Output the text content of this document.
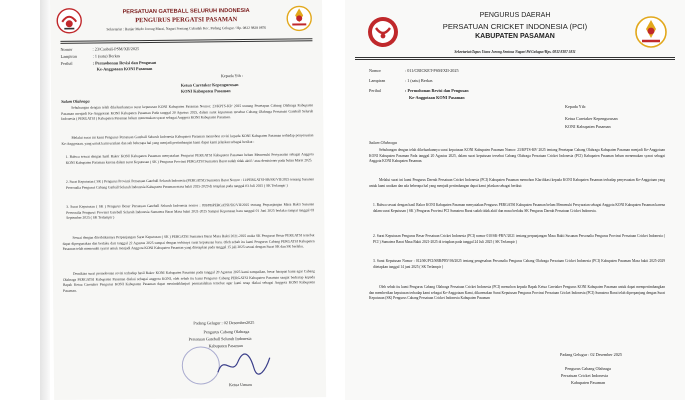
PERSATUAN GATEBALL SELURUH INDONESIA
PENGURUS PERGATSI PASAMAN
Sekretariat : Banjar Mudo Jorong Marai, Nagari Sontang Cubadak Kec. Padang Gelugur / Hp. 0822 9828 0876
Nomor	: 23/Caabali-PSM/XII/2025
Lampiran	: 1 (satu) Berkas
Perihal	: Permohonan Revisi dan Pengusan
Ke-Anggotaan KONI Pasaman
Kepada Yth :
Ketua Caretaker Kepengurusan
KONI Kabupaten Pasaman
Salam Olahraga
Sehubungan dengan telah dikeluarkannya surat keputusan KONI Kabupaten Pasaman Nomor: 23/KPTS-KP/ 2025 tentang Penetapan Cabang Olahraga Kabupaten Pasaman menjadi Ke-Anggotaan KONI Kabupaten Pasaman Pada tanggal 20 Agustus 2025, dalam surat keputusan tersebut Cabang Olahraga Persatuan Gateball Seluruh Indonesia ( PERGATSI ) Kabupaten Pasaman belum menemukan syarat sebagai Anggota KONI Kabupaten Pasaman.
Melalui surat ini kami Pengurus Persatuan Gateball Seluruh Indonesia Kabupaten Pasaman memohon revisi kepada KONI Kabupaten Pasaman terhadap penyesuaian Ke-Anggotaan, yang untuk kami uraikan dan sah beberapa hal yang menjadi pertimbangan kami dapat kami jelaskan sebagai berikut :
1. Bahwa sesuai dengan hasil Rakor KONI Kabupaten Pasaman menyatakan Pengurus PERGATSI Kabupaten Pasaman belum Memenuhi Persyaratan sebagai Anggota KONI Kabupaten Pasaman karena dalam surat Keputusan ( SK ) Pengurus Provinsi PERGATSI Sumatera Barat sudah tidak aktif / atau demisioner pada bulan Maret 2025.
2. Surat Keputusan ( SK ) Pengurus Provinsi Persatuan Gateball Seluruh Indonesia (PERGATSI) Sumatera Barat Nomor : 11/PERGATSI-SB/SK/VII/2025 tentang Susunan Personalia Pengurus Cabang Gatball Seluruh Indonesia Kabupaten Pasaman masa bakti 2025-2029 di tetapkan pada tanggal 03 Juli 2025 ( SK Terlampir )
3. Surat Keputusan ( SK ) Pengurus Besar Persatuan Gateball Seluruh Indonesia nomor : 059/PBPERGATSI/SK/VII/2025 tentang Perpanjangan Masa Bakti Susunan Personalia Pengurus Provinsi Gateball Seluruh Indonesia Sumatera Barat Masa bakti 2021-2025 Sampai Keputusan baru tanggal 01 Juni 2025 berlaku sampai tanggal 03 September 2025 ( SK Terlampir )
Sesuai dengan diterbitkannya Perpanjangan Surat Keputusan ( SK ) PERGATSI Sumatera Barat Masa Bakti 2021-2025 maka SK Pengurus Besar PERGATSI tersebut dapat dipergunakan dan berlaku dari tanggal 22 Agustus 2025 sampai dengan terbitnya surat keputusan baru. Oleh sebab itu kami Pengurus Cabang PERGATSI Kabupaten Pasaman telah memenuhi syarat untuk menjadi Anggota KONI Kabupaten Pasaman yang ditetapkan pada tanggal 15 juli 2025 sesuai dengan Surat SK dan SK berlaku.
Demikian surat permohonan revisi terhadap hasil Rakor KONI Kabupaten Pasaman pada tanggal 20 Agustus 2025 kami sampaikan, besar harapan kami agar Cabang Olahraga PERGATSI Kabupaten Pasaman diakui sebagai anggota KONI, oleh sebab itu kami Pengurus Cabang PERGATSI Kabupaten Pasaman sangat berharap kepada Bapak Ketua Caretaker Pengurus KONI Kabupaten Pasaman dapat menindaklanjuti permasalahan tersebut agar kami tetap diakui sebagai Anggota KONI Kabupaten Pasaman.
Padang Gelugur : 02 Desember2025
Pengurus Cabang Olahraga
Persatuan Gateball Seluruh Indonesia
Kabupaten Pasaman
Ketua Umum
PENGURUS DAERAH
PERSATUAN CRICKET INDONESIA (PCI)
KABUPATEN PASAMAN
Sekretariat:Tapus Utara Jorong Sentosa Nagari Pd Gelugur/Hps. 0832 8387 5811
Nomor	: 011/CRICKET-PSM/XII-2025
Lampiran	: 1 (satu) Berkas
Perihal	: Permohonan Revisi dan Pengusan
Ke-Anggotaan KONI Pasaman
Kepada Yth:
Ketua Caretaker Kepengurusan
KONI Kabupaten Pasaman
Salam Olahraga
Sehubungan dengan telah dikeluarkannya surat keputusan KONI Kabupaten Pasaman Nomor: 23/KPTS-KP/ 2025 tentang Penetapan Cabang Olahraga Kabupaten Pasaman menjadi Ke-Anggotaan KONI Kabupaten Pasaman Pada tanggal 20 Agustus 2025, dalam surat keputusan tersebut Cabang Olahraga Persatuan Cricket Indonesia (PCI) Kabupaten Pasaman belum menemukan syarat sebagai Anggota KONI Kabupaten Pasaman.
Melalui surat ini kami Pengurus Daerah Persatuan Cricket Indonesia (PCI) Kabupaten Pasaman memohon Klarifikasi kepada KONI Kabupaten Pasaman terhadap penyesuaian Ke-Anggotaan yang untuk kami uraikan dan ada beberapa hal yang menjadi pertimbangan dapat kami jelaskan sebagai berikut:
1. Bahwa sesuai dengan hasil Rakor KONI Kabupaten Pasaman menyatakan Pengurus PERGATSI Kabupaten Pasaman belum Memenuhi Persyaratan sebagai Anggota KONI Kabupaten Pasaman karena dalam surat Keputusan ( SK ) Pengurus Provinsi PCI Sumatera Barat sudah tidak aktif dan masa berlaku SK Pengurus Daerah Persatuan Cricket Indonesia.
2. Surat Keputusan Pengurus Besar Persatuan Cricket Indonesia (PCI) nomor 010/SK-PB/V/2021 tentang perpanjangan Masa Bakti Susunan Personalia Pengurus Provinsi Persatuan Cricket Indonesia ( PCI ) Sumatera Barat Masa Bakti 2021-2025 di tetapkan pada tanggal 24 Juli 2025 ( SK Terlampir )
3. Surat Keputusan Nomor : 012/SK/PCI/SBR/PRV/06/2025 tentang pengesahan Personalia Pengurus Cabang Olahraga Persatuan Cricket Indonesia (PCI) Kabupaten Pasaman Masa bakti 2025-2029 ditetapkan tanggal 14 juni 2025 ( SK Terlampir )
Oleh sebab itu kami Pengurus Cabang Olahraga Persatuan Cricket Indonesia (PCI) memohon kepada Bapak Ketua Caretaker Pengurus KONI Kabupaten Pasaman untuk dapat mempertimbangkan dan memberikan keputusan terhadap kami sebagai Ke-Anggotaan Kami, dikarenakan Surat Keputusan Pengurus Provinsi Persatuan Cricket Indonesia (PCI) Sumatera Barat telah diperpanjang dengan Surat Keputusan (SK) Pengurus Cabang Persatuan Cricket Indonesia Kabupaten Pasaman
Padang Gelugur : 02 Desember 2025
Pengurus Cabang Olahraga
Persatuan Cricket Indonesia
Kabupaten Pasaman
